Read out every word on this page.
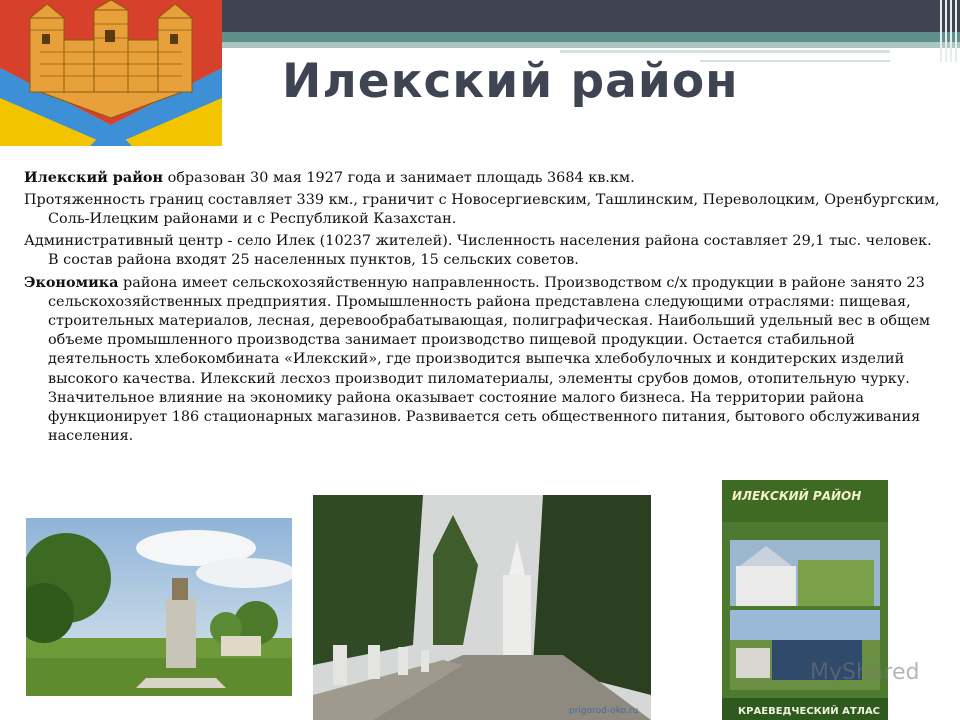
Илекский район

Илекский район образован 30 мая 1927 года и занимает площадь 3684 кв.км.

Протяженность границ составляет 339 км., граничит с Новосергиевским, Ташлинским, Переволоцким, Оренбургским, Соль-Илецким районами и с Республикой Казахстан.

Административный центр - село Илек (10237 жителей). Численность населения района составляет 29,1 тыс. человек. В состав района входят 25 населенных пунктов, 15 сельских советов.

Экономика района имеет сельскохозяйственную направленность. Производством с/х продукции в районе занято 23 сельскохозяйственных предприятия. Промышленность района представлена следующими отраслями: пищевая, строительных материалов, лесная, деревообрабатывающая, полиграфическая. Наибольший удельный вес в общем объеме промышленного производства занимает производство пищевой продукции. Остается стабильной деятельность хлебокомбината «Илекский», где производится выпечка хлебобулочных и кондитерских изделий высокого качества. Илекский лесхоз производит пиломатериалы, элементы срубов домов, отопительную чурку. Значительное влияние на экономику района оказывает состояние малого бизнеса. На территории района функционирует 186 стационарных магазинов. Развивается сеть общественного питания, бытового обслуживания населения.

prigorod-oko.ru
ИЛЕКСКИЙ РАЙОН
КРАЕВЕДЧЕСКИЙ АТЛАС
MyShared
